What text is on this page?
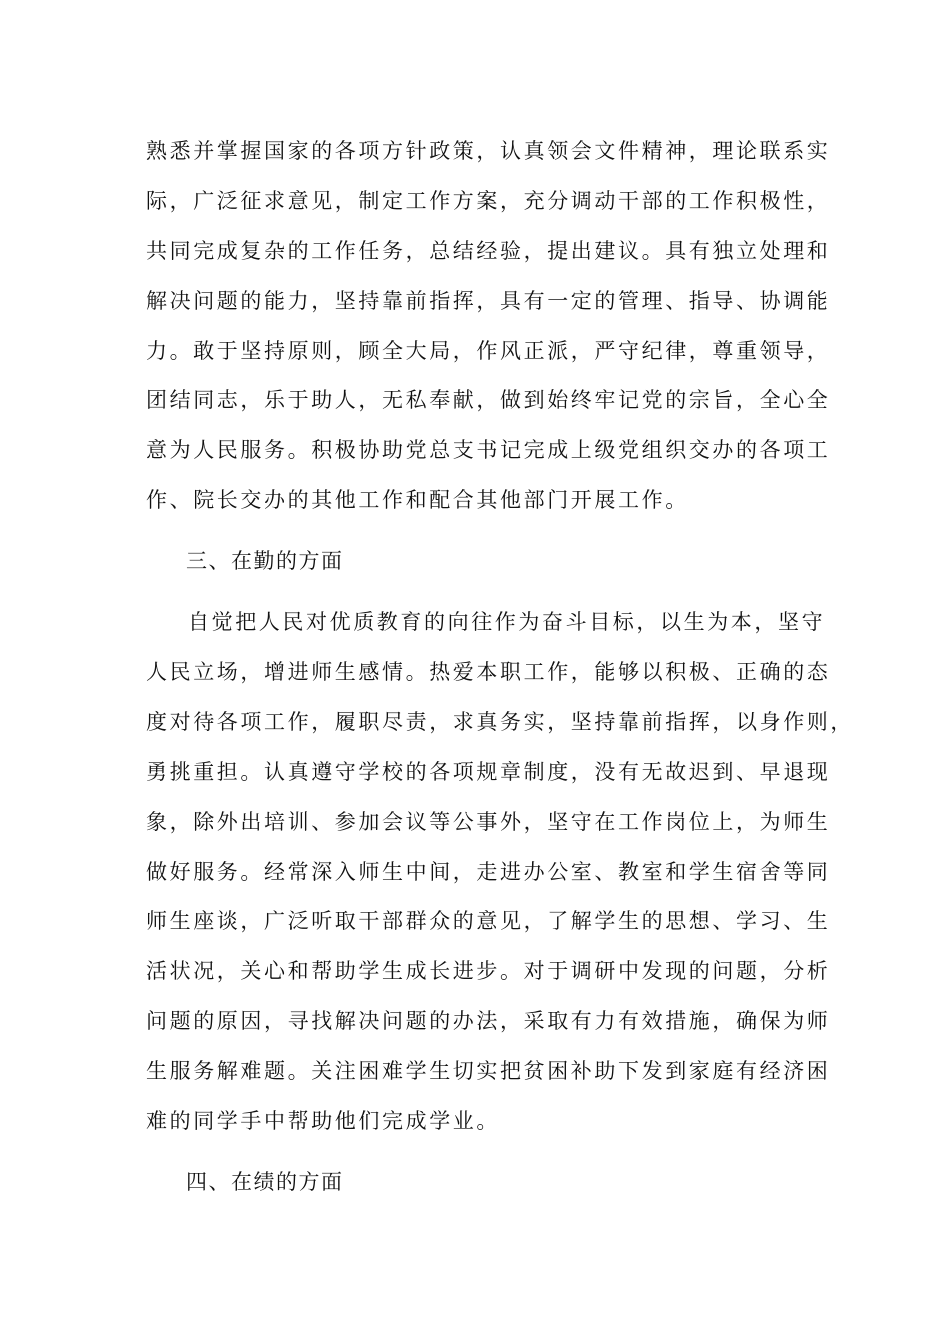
熟悉并掌握国家的各项方针政策，认真领会文件精神，理论联系实

际，广泛征求意见，制定工作方案，充分调动干部的工作积极性，

共同完成复杂的工作任务，总结经验，提出建议。具有独立处理和

解决问题的能力，坚持靠前指挥，具有一定的管理、指导、协调能

力。敢于坚持原则，顾全大局，作风正派，严守纪律，尊重领导，

团结同志，乐于助人，无私奉献，做到始终牢记党的宗旨，全心全

意为人民服务。积极协助党总支书记完成上级党组织交办的各项工

作、院长交办的其他工作和配合其他部门开展工作。

三、在勤的方面

自觉把人民对优质教育的向往作为奋斗目标，以生为本，坚守

人民立场，增进师生感情。热爱本职工作，能够以积极、正确的态

度对待各项工作，履职尽责，求真务实，坚持靠前指挥，以身作则，

勇挑重担。认真遵守学校的各项规章制度，没有无故迟到、早退现

象，除外出培训、参加会议等公事外，坚守在工作岗位上，为师生

做好服务。经常深入师生中间，走进办公室、教室和学生宿舍等同

师生座谈，广泛听取干部群众的意见，了解学生的思想、学习、生

活状况，关心和帮助学生成长进步。对于调研中发现的问题，分析

问题的原因，寻找解决问题的办法，采取有力有效措施，确保为师

生服务解难题。关注困难学生切实把贫困补助下发到家庭有经济困

难的同学手中帮助他们完成学业。

四、在绩的方面
